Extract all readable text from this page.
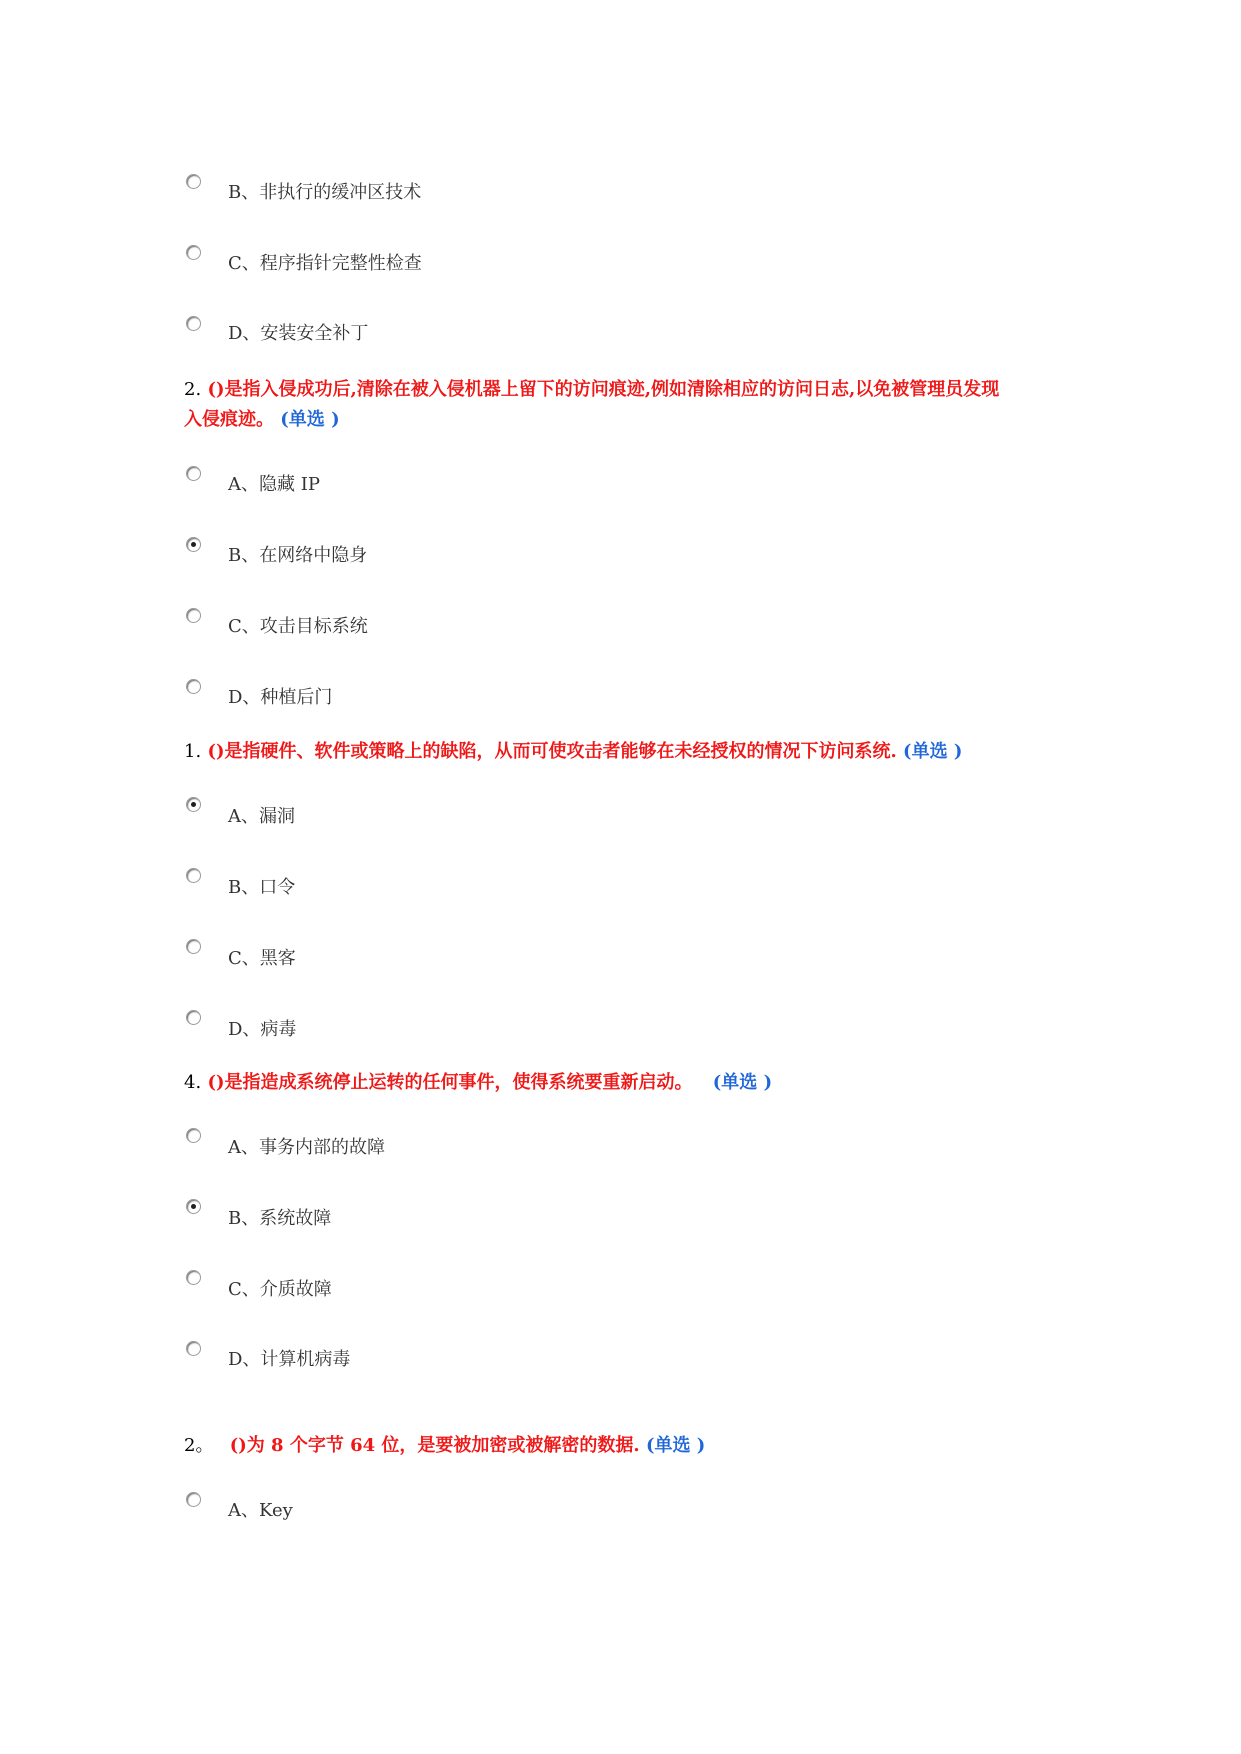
B、非执行的缓冲区技术
C、程序指针完整性检查
D、安装安全补丁
2. ()是指入侵成功后,清除在被入侵机器上留下的访问痕迹,例如清除相应的访问日志,以免被管理员发现
入侵痕迹。 (单选 )
A、隐藏 IP
B、在网络中隐身
C、攻击目标系统
D、种植后门
1. ()是指硬件、软件或策略上的缺陷，从而可使攻击者能够在未经授权的情况下访问系统. (单选 )
A、漏洞
B、口令
C、黑客
D、病毒
4. ()是指造成系统停止运转的任何事件，使得系统要重新启动。 (单选 )
A、事务内部的故障
B、系统故障
C、介质故障
D、计算机病毒
2。 ()为 8 个字节 64 位，是要被加密或被解密的数据. (单选 )
A、Key
